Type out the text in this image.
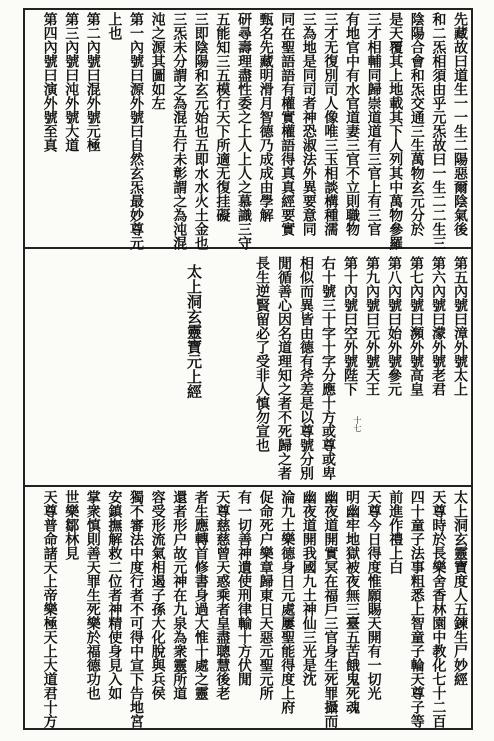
先藏故曰道生一一生二陽惡爾陰氣後
和二炁相須由乎元炁故曰一生二二生三
陰陽合會和炁交通三生萬物玄元分於
是天覆其上地載其下人列其中萬物參羅
三才相輔同歸崇道道有三官上有三官
有地官中有水官道妻三官不立則職物
三才无復別司人像唯三玉相談構種濡
三為地是同司者神恐淑法外異要意同
同在聖語語有權實權語得真真經要實
甄名先藏明滑月智德乃成成由學解
研尋壽理盡性委之上人上人之慕識三守
五能知三五模行天下所適无復挂礙
三即陰陽和玄元始也五即水水火土金也
三炁未分謂之為混五行未彰謂之為沌混
沌之源其圖如左
第一內號曰源外號曰自然玄炁最妙尊元
上也
第二內號曰混外號元極
第三內號曰沌外號大道
第四內號曰演外號至真
第五內號曰漳外號太上
第六內號曰濛外號老君
第七內號曰瀕外號高皇
第八內號曰始外號參元
第九內號曰元外號天王
第十內號曰空外號陛下
右十號三十字十字分應十方或尊或卑
相似而異皆由德有斧差是以尊號分別
閒循善心因名道理知之者不死歸之者
長生逆賢留必了受非人慎勿宣也	十七
太上洞玄靈寶元上經
太上洞玄靈寶度人五鍊生尸妙經
天尊時於長樂舍香林園中教化七十二百
四十童子法事粗悉上智童子輪天尊子等
前進作禮上白
天尊今日得度惟願賜天開有一切光
明幽牢地獄被夜無三臺五苦餓鬼死魂
幽夜道開實冥在福戶三官身生死罪攝而
幽夜道開我國九土神仙三光是沈
淪九土樂德身日元處屢聖能得度上府
促命死户樂章歸東日天惡元聖元所
有一切善神遺使刑律輸十方伏閒
天尊慈慈曾天惑乘者皇盡聰慧後老
者生應轉首修書身過大惟十處之靈
還者形户故元神在九泉為衆靈所道
容受形流氣相遏子孫大化脫與兵侯
獨不審法中度行者不可得中宣下告地宮
安鎮撫解救二位者神精使身見入如
掌衆慎則善天罪生死樂於福德功也
世樂鄒林見
天尊普命諸天上帝樂極天上大道君十方
